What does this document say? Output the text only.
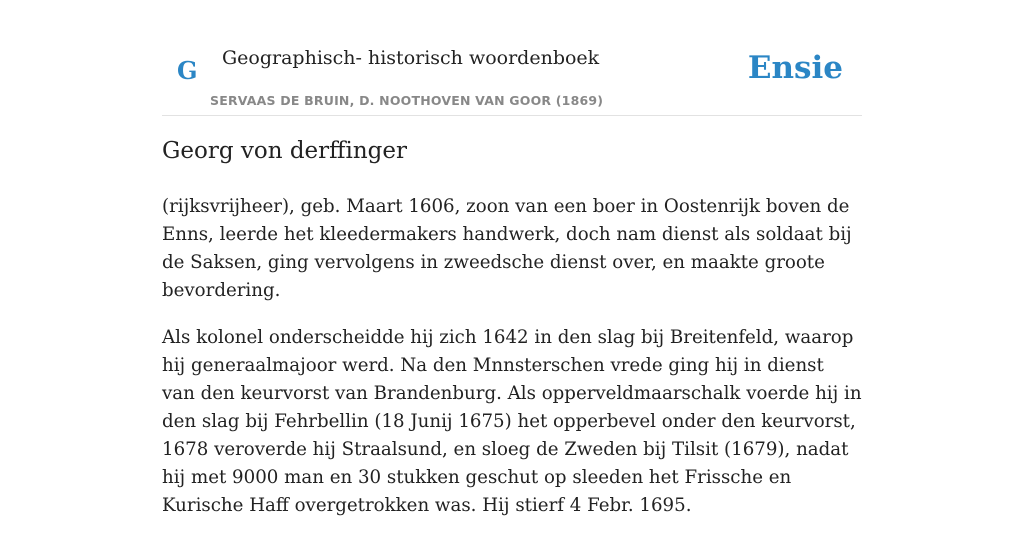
G Geographisch- historisch woordenboek
SERVAAS DE BRUIN, D. NOOTHOVEN VAN GOOR (1869)
Ensie
Georg von derffinger

(rijksvrijheer), geb. Maart 1606, zoon van een boer in Oostenrijk boven de Enns, leerde het kleedermakers handwerk, doch nam dienst als soldaat bij de Saksen, ging vervolgens in zweedsche dienst over, en maakte groote bevordering.

Als kolonel onderscheidde hij zich 1642 in den slag bij Breitenfeld, waarop hij generaalmajoor werd. Na den Mnnsterschen vrede ging hij in dienst van den keurvorst van Brandenburg. Als opperveldmaarschalk voerde hij in den slag bij Fehrbellin (18 Junij 1675) het opperbevel onder den keurvorst, 1678 veroverde hij Straalsund, en sloeg de Zweden bij Tilsit (1679), nadat hij met 9000 man en 30 stukken geschut op sleeden het Frissche en Kurische Haff overgetrokken was. Hij stierf 4 Febr. 1695.
